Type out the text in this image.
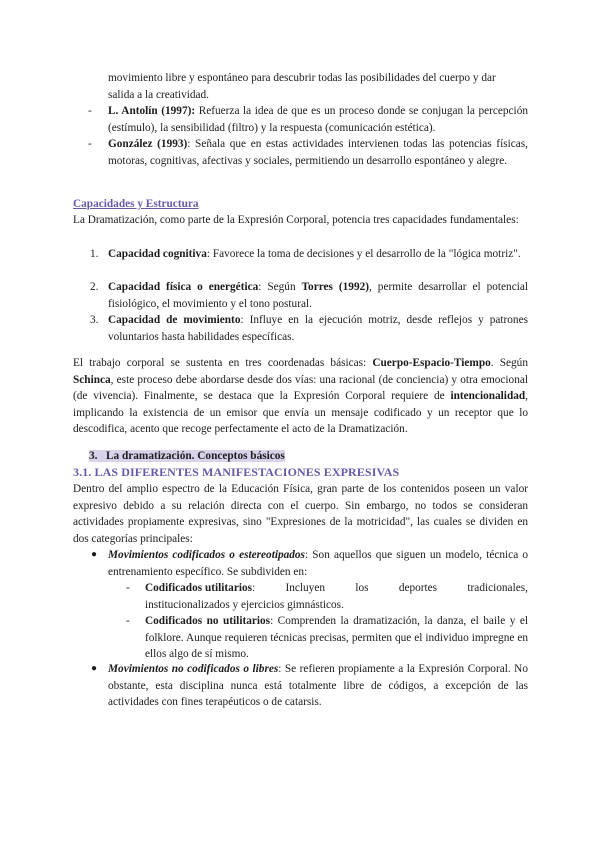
movimiento libre y espontáneo para descubrir todas las posibilidades del cuerpo y dar
salida a la creatividad.
- L. Antolín (1997): Refuerza la idea de que es un proceso donde se conjugan la percepción (estímulo), la sensibilidad (filtro) y la respuesta (comunicación estética).
- González (1993): Señala que en estas actividades intervienen todas las potencias físicas, motoras, cognitivas, afectivas y sociales, permitiendo un desarrollo espontáneo y alegre.
Capacidades y Estructura
La Dramatización, como parte de la Expresión Corporal, potencia tres capacidades fundamentales:
1. Capacidad cognitiva: Favorece la toma de decisiones y el desarrollo de la "lógica motriz".
2. Capacidad física o energética: Según Torres (1992), permite desarrollar el potencial fisiológico, el movimiento y el tono postural.
3. Capacidad de movimiento: Influye en la ejecución motriz, desde reflejos y patrones voluntarios hasta habilidades específicas.
El trabajo corporal se sustenta en tres coordenadas básicas: Cuerpo-Espacio-Tiempo. Según Schinca, este proceso debe abordarse desde dos vías: una racional (de conciencia) y otra emocional (de vivencia). Finalmente, se destaca que la Expresión Corporal requiere de intencionalidad, implicando la existencia de un emisor que envía un mensaje codificado y un receptor que lo descodifica, acento que recoge perfectamente el acto de la Dramatización.
3. La dramatización. Conceptos básicos
3.1. LAS DIFERENTES MANIFESTACIONES EXPRESIVAS
Dentro del amplio espectro de la Educación Física, gran parte de los contenidos poseen un valor expresivo debido a su relación directa con el cuerpo. Sin embargo, no todos se consideran actividades propiamente expresivas, sino "Expresiones de la motricidad", las cuales se dividen en dos categorías principales:
● Movimientos codificados o estereotipados: Son aquellos que siguen un modelo, técnica o entrenamiento específico. Se subdividen en:
- Codificados utilitarios:	Incluyen	los	deportes	tradicionales,
institucionalizados y ejercicios gimnásticos.
- Codificados no utilitarios: Comprenden la dramatización, la danza, el baile y el folklore. Aunque requieren técnicas precisas, permiten que el individuo impregne en ellos algo de sí mismo.
● Movimientos no codificados o libres: Se refieren propiamente a la Expresión Corporal. No obstante, esta disciplina nunca está totalmente libre de códigos, a excepción de las actividades con fines terapéuticos o de catarsis.
